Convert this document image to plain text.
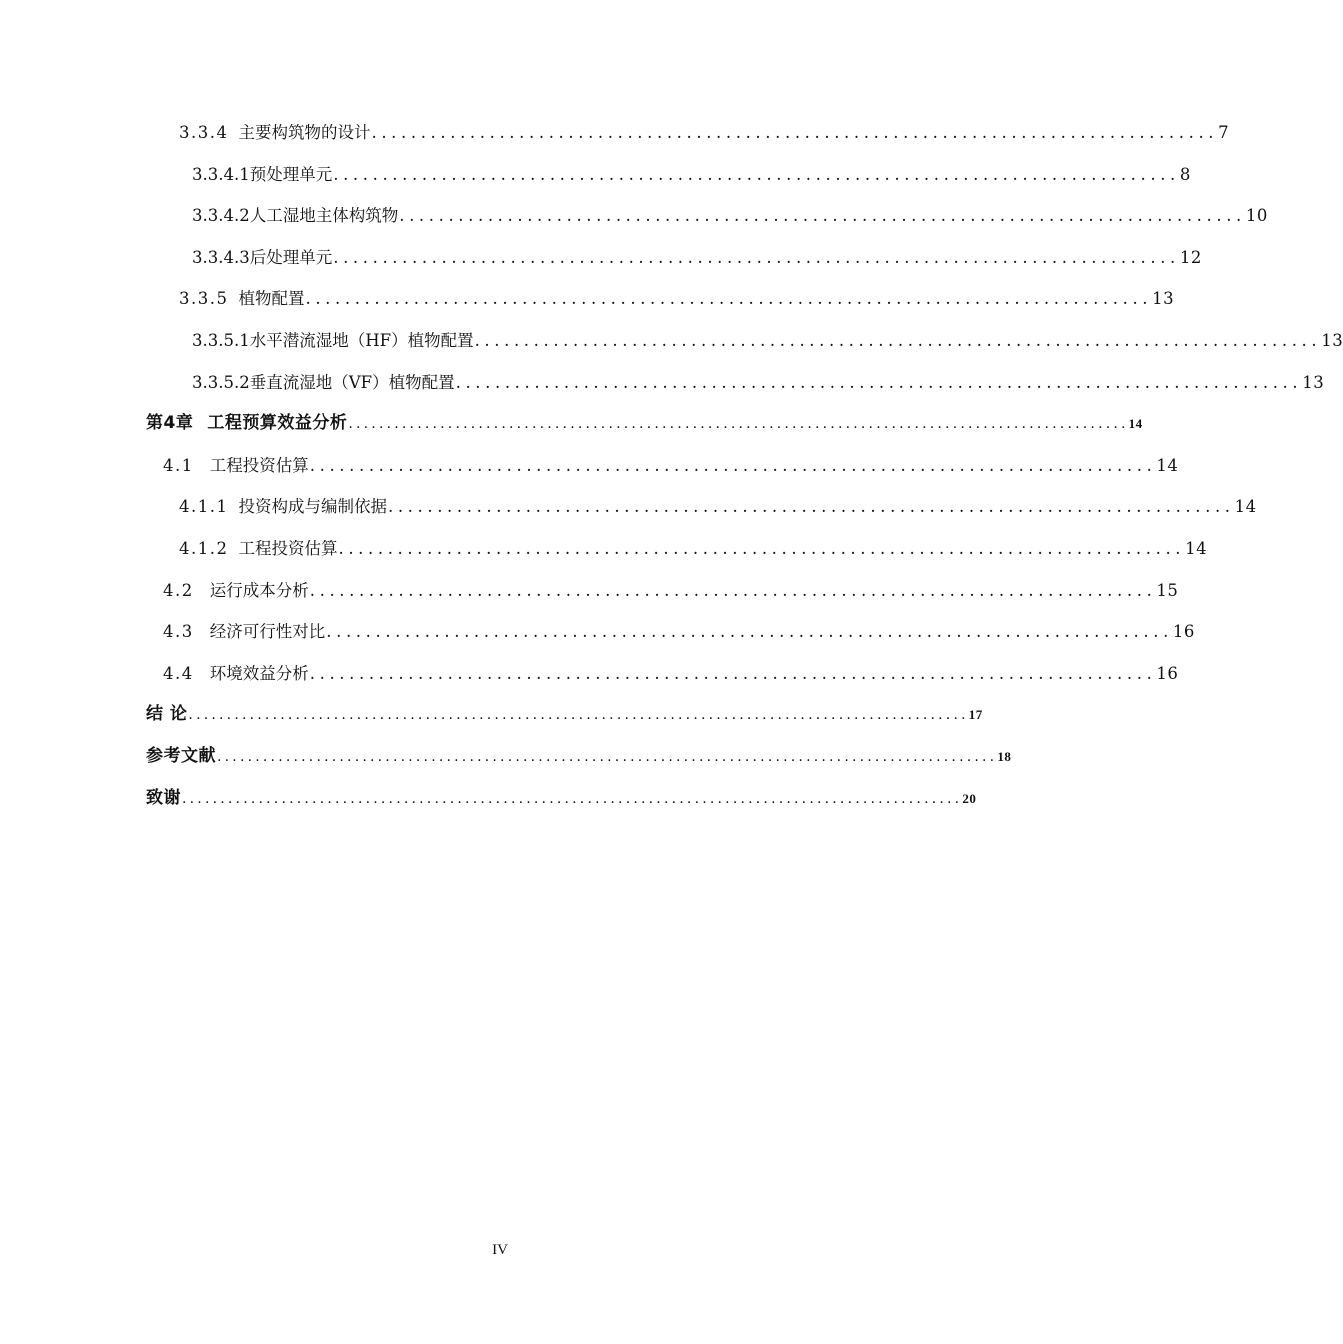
3.3.4 主要构筑物的设计 ...................................................................................... 7
3.3.4.1预处理单元 ...................................................................................... 8
3.3.4.2人工湿地主体构筑物 ...................................................................................... 10
3.3.4.3后处理单元 ...................................................................................... 12
3.3.5 植物配置 ...................................................................................... 13
3.3.5.1水平潜流湿地（HF）植物配置 ...................................................................................... 13
3.3.5.2垂直流湿地（VF）植物配置 ...................................................................................... 13
第4章 工程预算效益分析 ...................................................................................................... 14
4.1 工程投资估算 ...................................................................................... 14
4.1.1 投资构成与编制依据 ...................................................................................... 14
4.1.2 工程投资估算 ...................................................................................... 14
4.2 运行成本分析 ...................................................................................... 15
4.3 经济可行性对比 ...................................................................................... 16
4.4 环境效益分析 ...................................................................................... 16
结 论 ...................................................................................................... 17
参考文献 ...................................................................................................... 18
致谢 ...................................................................................................... 20
IV
